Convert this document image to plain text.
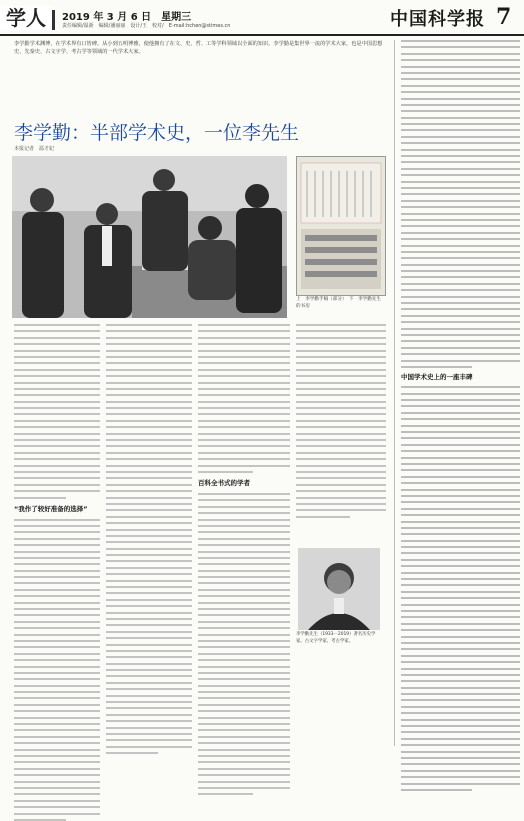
学人	2019 年 3 月 6 日　星期三
责任编辑/温新　编辑/潘丽丽　设计/王　校对/　E-mail:hchen@stimes.cn	中国科学报 7

李学勤学术渊博，在学术界有口皆碑。从小到五明博雅，使他拥有了在文、史、哲、工等学科领域以全面的知识。李学勤是集世界一流的学术大家，也是中国思想史、先秦史、古文字学、考古学等领域的一代学术大家。

李学勤：半部学术史，一位李先生
本报记者　温才妃
上　李学勤手稿（部分）　下　李学勤先生的书房
“我作了较好准备的选择”
百科全书式的学者
李学勤先生（1933－2019）著名历史学家、古文字学家、考古学家。
中国学术史上的一座丰碑
